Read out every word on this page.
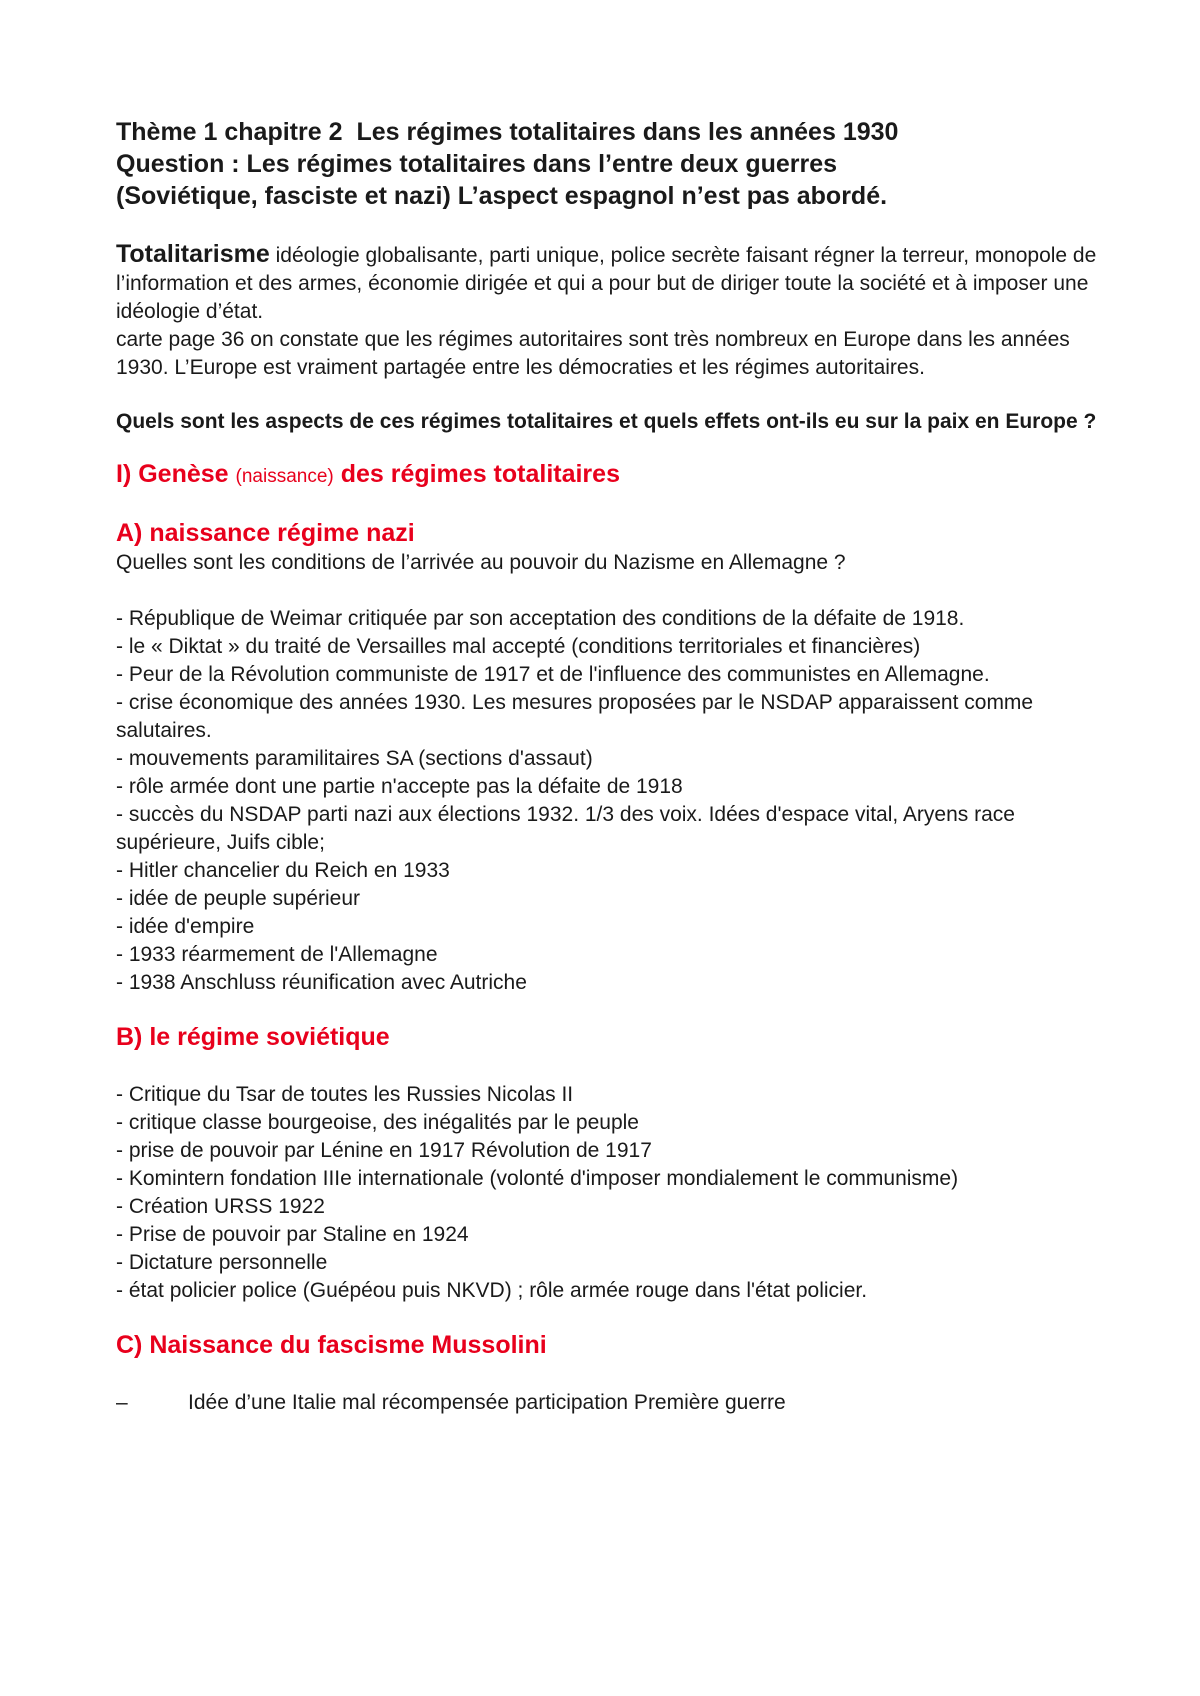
Thème 1 chapitre 2 Les régimes totalitaires dans les années 1930

Question : Les régimes totalitaires dans l’entre deux guerres

(Soviétique, fasciste et nazi) L’aspect espagnol n’est pas abordé.

Totalitarisme idéologie globalisante, parti unique, police secrète faisant régner la terreur, monopole de l’information et des armes, économie dirigée et qui a pour but de diriger toute la société et à imposer une idéologie d’état.

carte page 36 on constate que les régimes autoritaires sont très nombreux en Europe dans les années 1930. L’Europe est vraiment partagée entre les démocraties et les régimes autoritaires.

Quels sont les aspects de ces régimes totalitaires et quels effets ont-ils eu sur la paix en Europe ?

I) Genèse (naissance) des régimes totalitaires

A) naissance régime nazi

Quelles sont les conditions de l’arrivée au pouvoir du Nazisme en Allemagne ?

- République de Weimar critiquée par son acceptation des conditions de la défaite de 1918.

- le « Diktat » du traité de Versailles mal accepté (conditions territoriales et financières)

- Peur de la Révolution communiste de 1917 et de l'influence des communistes en Allemagne.

- crise économique des années 1930. Les mesures proposées par le NSDAP apparaissent comme salutaires.

- mouvements paramilitaires SA (sections d'assaut)

- rôle armée dont une partie n'accepte pas la défaite de 1918

- succès du NSDAP parti nazi aux élections 1932. 1/3 des voix. Idées d'espace vital, Aryens race supérieure, Juifs cible;

- Hitler chancelier du Reich en 1933

- idée de peuple supérieur

- idée d'empire

- 1933 réarmement de l'Allemagne

- 1938 Anschluss réunification avec Autriche

B) le régime soviétique

- Critique du Tsar de toutes les Russies Nicolas II

- critique classe bourgeoise, des inégalités par le peuple

- prise de pouvoir par Lénine en 1917 Révolution de 1917

- Komintern fondation IIIe internationale (volonté d'imposer mondialement le communisme)

- Création URSS 1922

- Prise de pouvoir par Staline en 1924

- Dictature personnelle

- état policier police (Guépéou puis NKVD) ; rôle armée rouge dans l'état policier.

C) Naissance du fascisme Mussolini

–	Idée d’une Italie mal récompensée participation Première guerre
